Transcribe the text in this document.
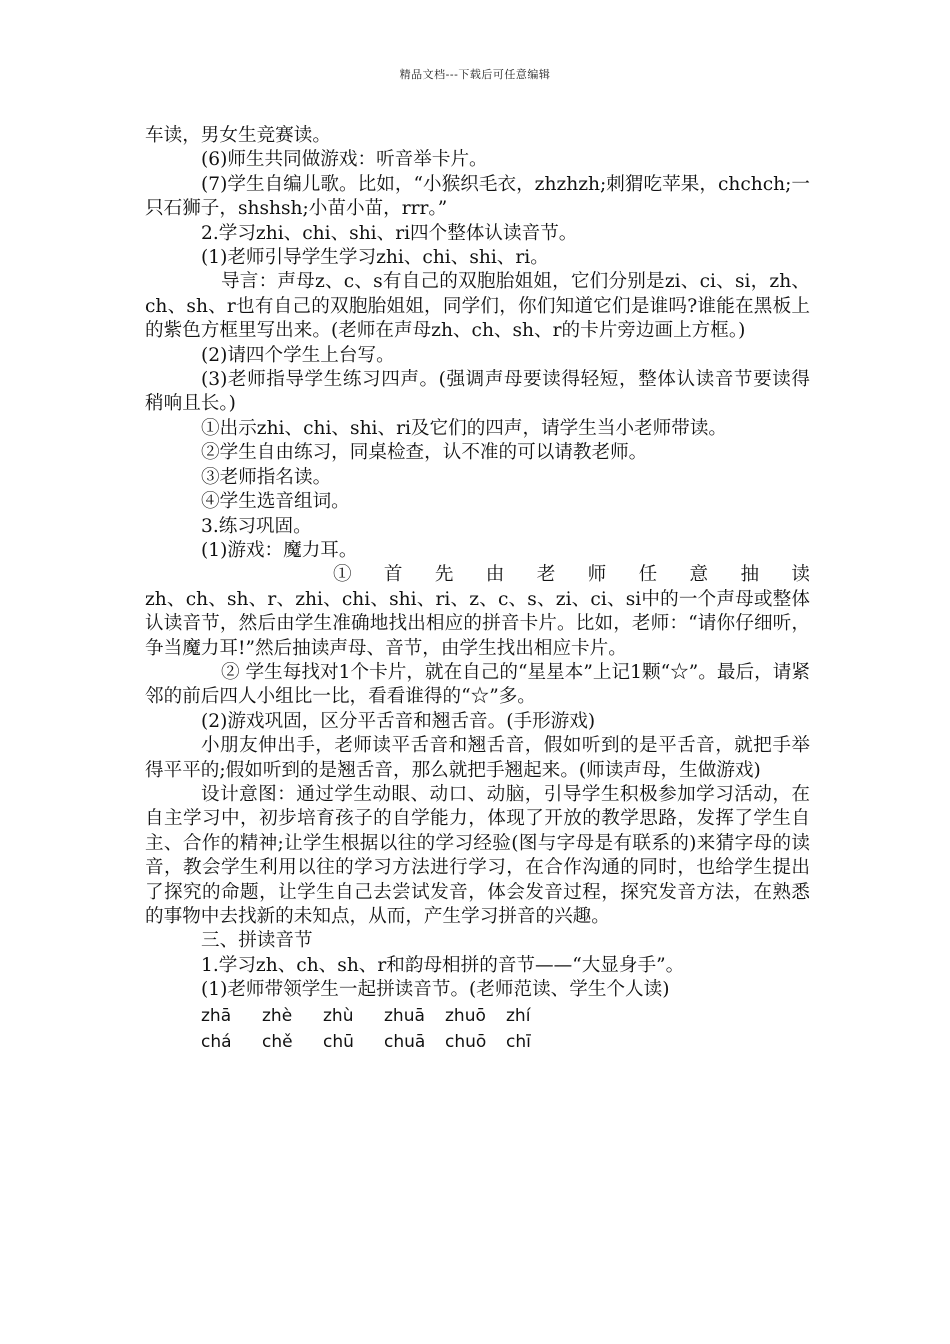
精品文档---下载后可任意编辑

车读，男女生竞赛读。

(6)师生共同做游戏：听音举卡片。

(7)学生自编儿歌。比如，“小猴织毛衣，zhzhzh;刺猬吃苹果，chchch;一只石狮子，shshsh;小苗小苗，rrr。”

2.学习zhi、chi、shi、ri四个整体认读音节。

(1)老师引导学生学习zhi、chi、shi、ri。

导言：声母z、c、s有自己的双胞胎姐姐，它们分别是zi、ci、si，zh、ch、sh、r也有自己的双胞胎姐姐，同学们，你们知道它们是谁吗?谁能在黑板上的紫色方框里写出来。(老师在声母zh、ch、sh、r的卡片旁边画上方框。)

(2)请四个学生上台写。

(3)老师指导学生练习四声。(强调声母要读得轻短，整体认读音节要读得稍响且长。)

①出示zhi、chi、shi、ri及它们的四声，请学生当小老师带读。

②学生自由练习，同桌检查，认不准的可以请教老师。

③老师指名读。

④学生选音组词。

3.练习巩固。

(1)游戏：魔力耳。

① 首 先 由 老 师 任 意 抽 读

zh、ch、sh、r、zhi、chi、shi、ri、z、c、s、zi、ci、si中的一个声母或整体认读音节，然后由学生准确地找出相应的拼音卡片。比如，老师：“请你仔细听，争当魔力耳!”然后抽读声母、音节，由学生找出相应卡片。

② 学生每找对1个卡片，就在自己的“星星本”上记1颗“☆”。最后，请紧邻的前后四人小组比一比，看看谁得的“☆”多。

(2)游戏巩固，区分平舌音和翘舌音。(手形游戏)

小朋友伸出手，老师读平舌音和翘舌音，假如听到的是平舌音，就把手举得平平的;假如听到的是翘舌音，那么就把手翘起来。(师读声母，生做游戏)

设计意图：通过学生动眼、动口、动脑，引导学生积极参加学习活动，在自主学习中，初步培育孩子的自学能力，体现了开放的教学思路，发挥了学生自主、合作的精神;让学生根据以往的学习经验(图与字母是有联系的)来猜字母的读音，教会学生利用以往的学习方法进行学习，在合作沟通的同时，也给学生提出了探究的命题，让学生自己去尝试发音，体会发音过程，探究发音方法，在熟悉的事物中去找新的未知点，从而，产生学习拼音的兴趣。

三、拼读音节

1.学习zh、ch、sh、r和韵母相拼的音节——“大显身手”。

(1)老师带领学生一起拼读音节。(老师范读、学生个人读)

zhā	zhè	zhù	zhuā zhuō zhí
chá	chě	chū	chuā chuō chī
